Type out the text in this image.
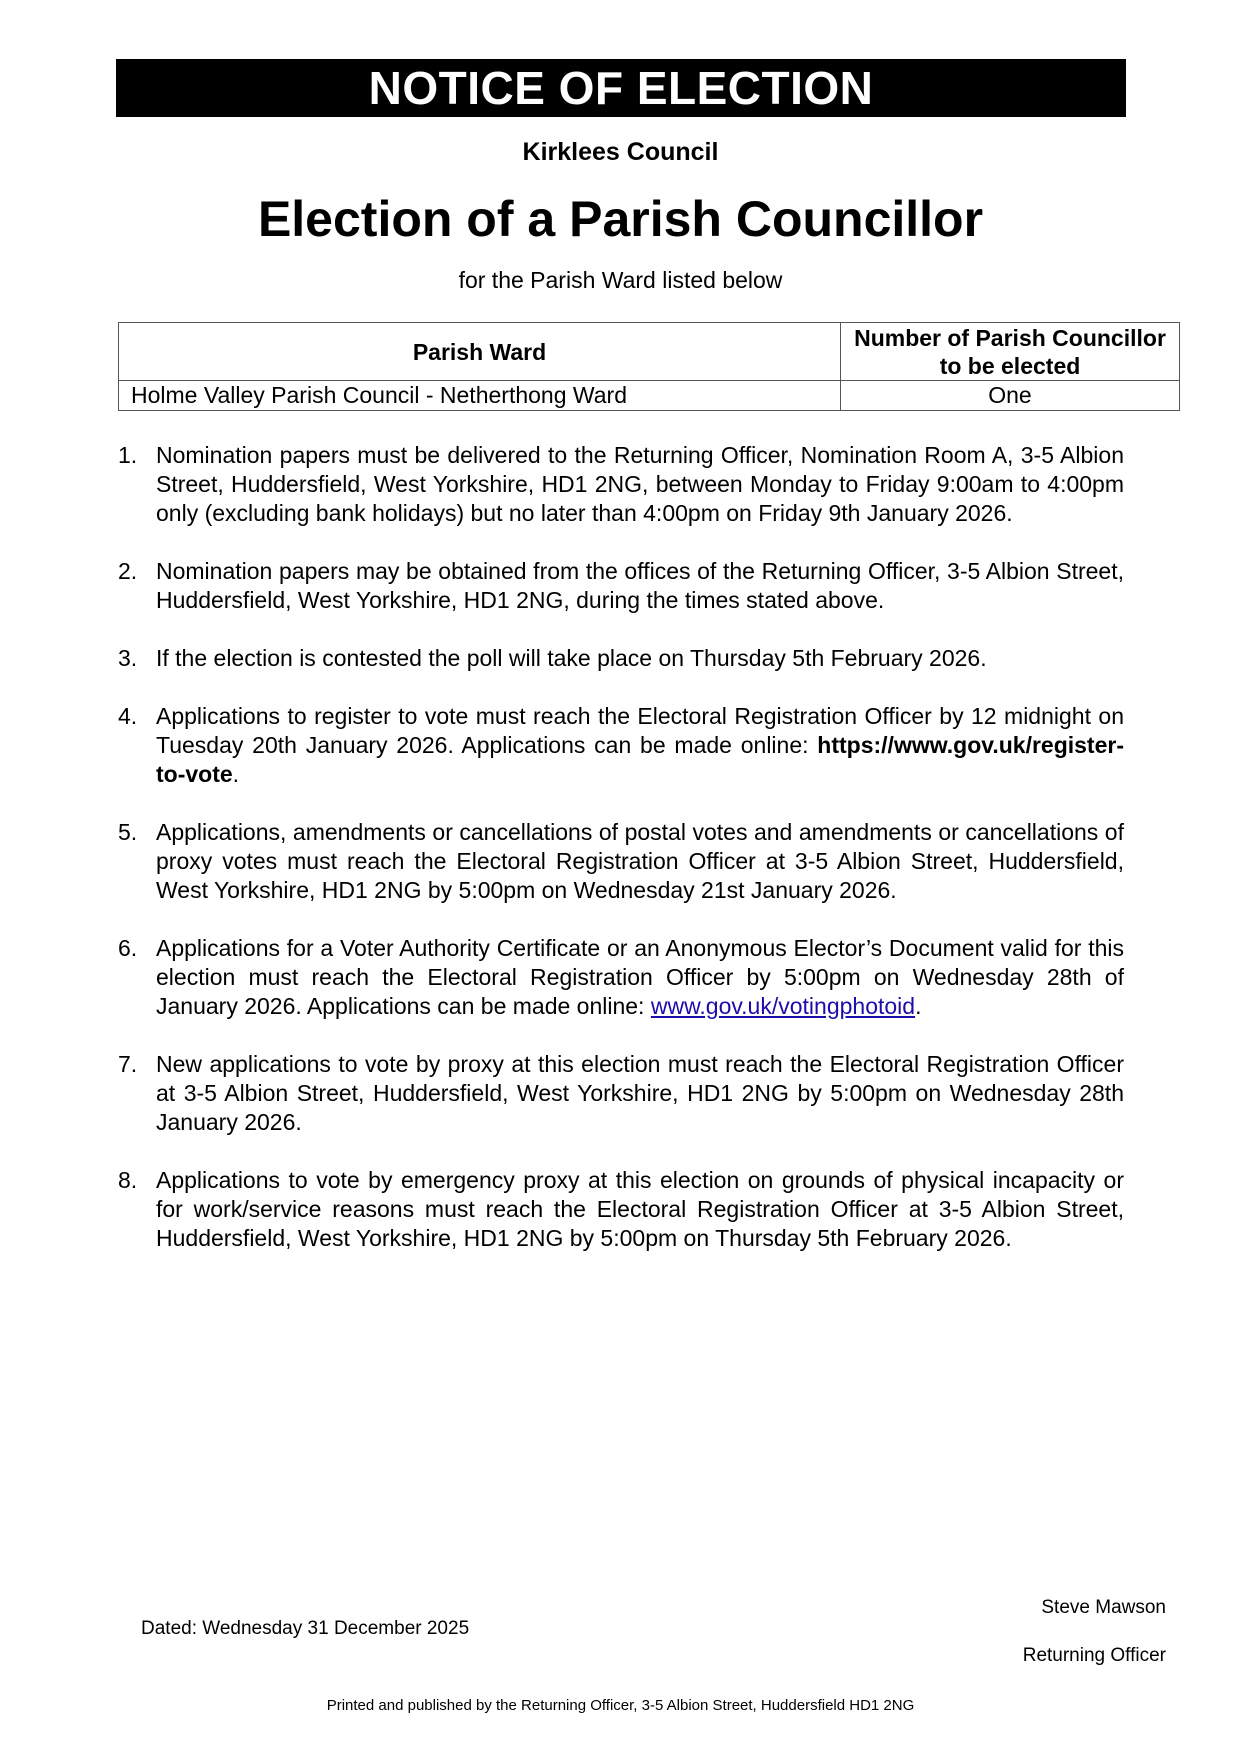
NOTICE OF ELECTION
Kirklees Council
Election of a Parish Councillor
for the Parish Ward listed below
Parish Ward	Number of Parish Councillor to be elected
Holme Valley Parish Council - Netherthong Ward	One
1. Nomination papers must be delivered to the Returning Officer, Nomination Room A, 3-5 Albion Street, Huddersfield, West Yorkshire, HD1 2NG, between Monday to Friday 9:00am to 4:00pm only (excluding bank holidays) but no later than 4:00pm on Friday 9th January 2026.
2. Nomination papers may be obtained from the offices of the Returning Officer, 3-5 Albion Street, Huddersfield, West Yorkshire, HD1 2NG, during the times stated above.
3. If the election is contested the poll will take place on Thursday 5th February 2026.
4. Applications to register to vote must reach the Electoral Registration Officer by 12 midnight on Tuesday 20th January 2026. Applications can be made online: https://www.gov.uk/register-to-vote.
5. Applications, amendments or cancellations of postal votes and amendments or cancellations of proxy votes must reach the Electoral Registration Officer at 3-5 Albion Street, Huddersfield, West Yorkshire, HD1 2NG by 5:00pm on Wednesday 21st January 2026.
6. Applications for a Voter Authority Certificate or an Anonymous Elector’s Document valid for this election must reach the Electoral Registration Officer by 5:00pm on Wednesday 28th of January 2026. Applications can be made online: www.gov.uk/votingphotoid.
7. New applications to vote by proxy at this election must reach the Electoral Registration Officer at 3-5 Albion Street, Huddersfield, West Yorkshire, HD1 2NG by 5:00pm on Wednesday 28th January 2026.
8. Applications to vote by emergency proxy at this election on grounds of physical incapacity or for work/service reasons must reach the Electoral Registration Officer at 3-5 Albion Street, Huddersfield, West Yorkshire, HD1 2NG by 5:00pm on Thursday 5th February 2026.
Dated: Wednesday 31 December 2025
Steve Mawson
Returning Officer
Printed and published by the Returning Officer, 3-5 Albion Street, Huddersfield HD1 2NG
